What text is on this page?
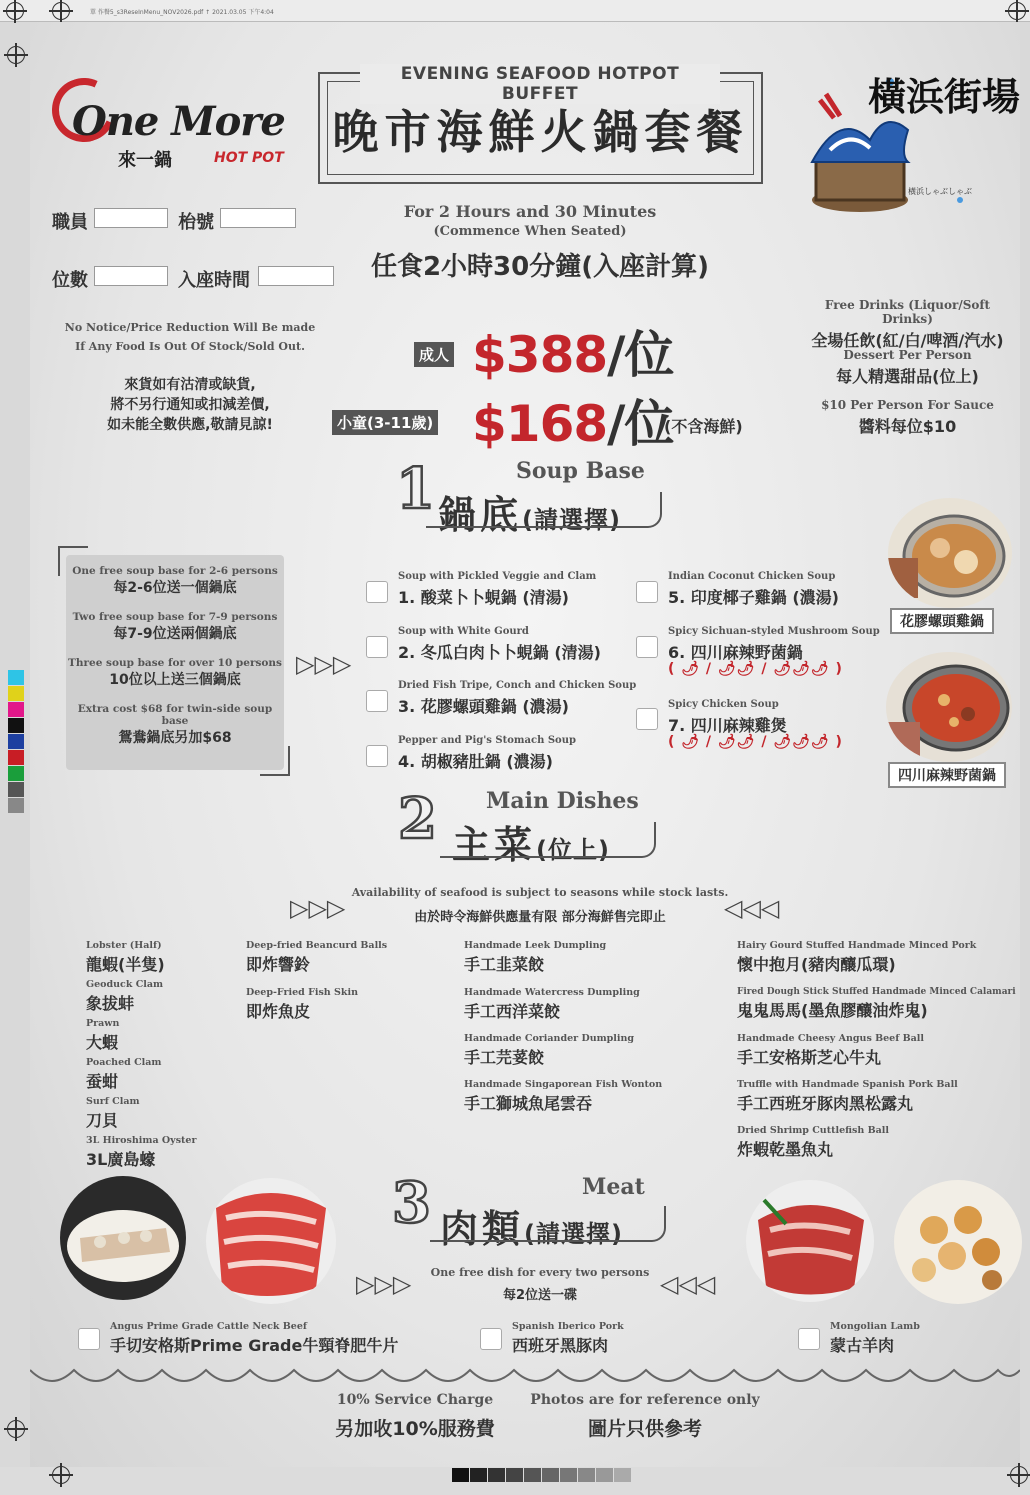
單 作餐5_s3ReseInMenu_NOV2026.pdf ↑ 2021.03.05 下午4:04
One More
來一鍋	HOT POT
EVENING SEAFOOD HOTPOT BUFFET
晚市海鮮火鍋套餐
橫浜街場
橫浜しゃぶしゃぶ
職員	枱號
位數	入座時間
For 2 Hours and 30 Minutes
(Commence When Seated)
任食2小時30分鐘(入座計算)
No Notice/Price Reduction Will Be made
If Any Food Is Out Of Stock/Sold Out.
來貨如有沽清或缺貨,
將不另行通知或扣減差價,
如未能全數供應,敬請見諒!
成人 $388/位
小童(3-11歲) $168/位
(不含海鮮)
Free Drinks (Liquor/Soft Drinks)
全場任飲(紅/白/啤酒/汽水)
Dessert Per Person
每人精選甜品(位上)
$10 Per Person For Sauce
醬料每位$10
1	Soup Base
鍋底(請選擇)
One free soup base for 2-6 persons
每2-6位送一個鍋底
Two free soup base for 7-9 persons
每7-9位送兩個鍋底
Three soup base for over 10 persons
10位以上送三個鍋底
Extra cost $68 for twin-side soup base
鴛鴦鍋底另加$68
▷▷▷
Soup with Pickled Veggie and Clam
1. 酸菜卜卜蜆鍋 (清湯)
Soup with White Gourd
2. 冬瓜白肉卜卜蜆鍋 (清湯)
Dried Fish Tripe, Conch and Chicken Soup
3. 花膠螺頭雞鍋 (濃湯)
Pepper and Pig's Stomach Soup
4. 胡椒豬肚鍋 (濃湯)
Indian Coconut Chicken Soup
5. 印度椰子雞鍋 (濃湯)
Spicy Sichuan-styled Mushroom Soup
6. 四川麻辣野菌鍋
( 🌶 / 🌶🌶 / 🌶🌶🌶 )
Spicy Chicken Soup
7. 四川麻辣雞煲
( 🌶 / 🌶🌶 / 🌶🌶🌶 )
花膠螺頭雞鍋
四川麻辣野菌鍋
2 Main Dishes
主菜(位上)
Availability of seafood is subject to seasons while stock lasts.
由於時令海鮮供應量有限 部分海鮮售完即止
▷▷▷	◁◁◁
Lobster (Half)
龍蝦(半隻)
Geoduck Clam
象拔蚌
Prawn
大蝦
Poached Clam
蚕蚶
Surf Clam
刀貝
3L Hiroshima Oyster
3L廣島蠔
Deep-fried Beancurd Balls
即炸響鈴
Deep-Fried Fish Skin
即炸魚皮
Handmade Leek Dumpling
手工韭菜餃
Handmade Watercress Dumpling
手工西洋菜餃
Handmade Coriander Dumpling
手工芫荽餃
Handmade Singaporean Fish Wonton
手工獅城魚尾雲吞
Hairy Gourd Stuffed Handmade Minced Pork
懷中抱月(豬肉釀瓜環)
Fired Dough Stick Stuffed Handmade Minced Calamari
鬼鬼馬馬(墨魚膠釀油炸鬼)
Handmade Cheesy Angus Beef Ball
手工安格斯芝心牛丸
Truffle with Handmade Spanish Pork Ball
手工西班牙豚肉黑松露丸
Dried Shrimp Cuttlefish Ball
炸蝦乾墨魚丸
3	Meat
肉類(請選擇)
One free dish for every two persons
每2位送一碟
▷▷▷	◁◁◁
Angus Prime Grade Cattle Neck Beef
手切安格斯Prime Grade牛頸脊肥牛片
Spanish Iberico Pork
西班牙黑豚肉
Mongolian Lamb
蒙古羊肉
10% Service Charge
另加收10%服務費
Photos are for reference only
圖片只供參考
